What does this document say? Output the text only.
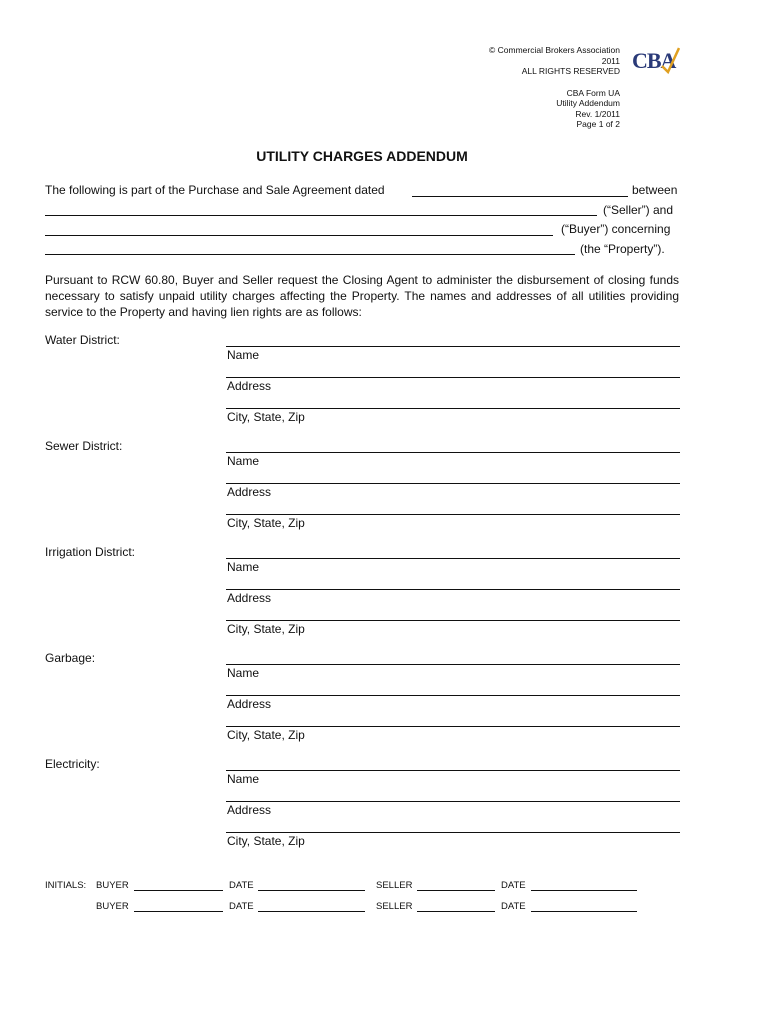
© Commercial Brokers Association
2011
ALL RIGHTS RESERVED
CBA Form UA
Utility Addendum
Rev. 1/2011
Page 1 of 2
CBA
UTILITY CHARGES ADDENDUM
The following is part of the Purchase and Sale Agreement dated	between
(“Seller”) and
(“Buyer”) concerning
(the “Property”).
Pursuant to RCW 60.80, Buyer and Seller request the Closing Agent to administer the disbursement of closing funds necessary to satisfy unpaid utility charges affecting the Property. The names and addresses of all utilities providing service to the Property and having lien rights are as follows:
Water District:
Name
Address
City, State, Zip
Sewer District:
Name
Address
City, State, Zip
Irrigation District:
Name
Address
City, State, Zip
Garbage:
Name
Address
City, State, Zip
Electricity:
Name
Address
City, State, Zip
INITIALS: BUYER	DATE	SELLER	DATE
BUYER	DATE	SELLER	DATE
